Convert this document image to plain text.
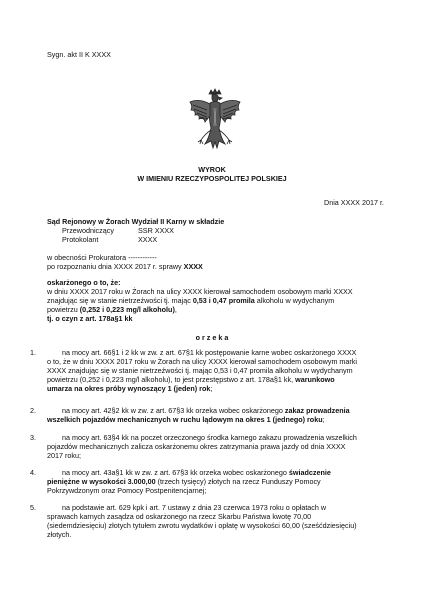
Sygn. akt II K XXXX
WYROK
W IMIENIU RZECZYPOSPOLITEJ POLSKIEJ
Dnia XXXX 2017 r.
Sąd Rejonowy w Żorach Wydział II Karny w składzie
Przewodniczący	SSR XXXX
Protokolant	XXXX
w obecności Prokuratora ------------
po rozpoznaniu dnia XXXX 2017 r. sprawy XXXX
oskarżonego o to, że:
w dniu XXXX 2017 roku w Żorach na ulicy XXXX kierował samochodem osobowym marki XXXX
znajdując się w stanie nietrzeźwości tj. mając 0,53 i 0,47 promila alkoholu w wydychanym
powietrzu (0,252 i 0,223 mg/l alkoholu),
tj. o czyn z art. 178a§1 kk
o r z e k a
1.	na mocy art. 66§1 i 2 kk w zw. z art. 67§1 kk postępowanie karne wobec oskarżonego XXXX
o to, że w dniu XXXX 2017 roku w Żorach na ulicy XXXX kierował samochodem osobowym marki
XXXX znajdując się w stanie nietrzeźwości tj. mając 0,53 i 0,47 promila alkoholu w wydychanym
powietrzu (0,252 i 0,223 mg/l alkoholu), to jest przestępstwo z art. 178a§1 kk, warunkowo
umarza na okres próby wynoszący 1 (jeden) rok;
2.	na mocy art. 42§2 kk w zw. z art. 67§3 kk orzeka wobec oskarżonego zakaz prowadzenia
wszelkich pojazdów mechanicznych w ruchu lądowym na okres 1 (jednego) roku;
3.	na mocy art. 63§4 kk na poczet orzeczonego środka karnego zakazu prowadzenia wszelkich
pojazdów mechanicznych zalicza oskarżonemu okres zatrzymania prawa jazdy od dnia XXXX
2017 roku;
4.	na mocy art. 43a§1 kk w zw. z art. 67§3 kk orzeka wobec oskarżonego świadczenie
pieniężne w wysokości 3.000,00 (trzech tysięcy) złotych na rzecz Funduszy Pomocy
Pokrzywdzonym oraz Pomocy Postpenitencjarnej;
5.	na podstawie art. 629 kpk i art. 7 ustawy z dnia 23 czerwca 1973 roku o opłatach w
sprawach karnych zasądza od oskarżonego na rzecz Skarbu Państwa kwotę 70,00
(siedemdziesięciu) złotych tytułem zwrotu wydatków i opłatę w wysokości 60,00 (sześćdziesięciu)
złotych.
